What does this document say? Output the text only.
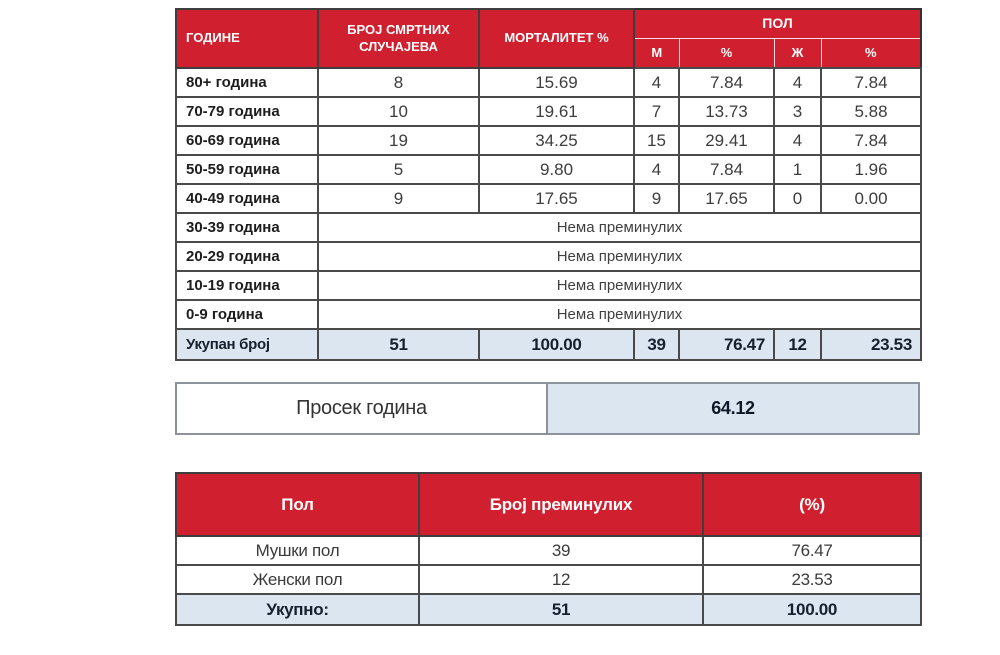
ГОДИНЕ	БРОЈ СМРТНИХ СЛУЧАЈЕВА	МОРТАЛИТЕТ %	ПОЛ			
			М	%	Ж	%
80+ година	8	15.69	4	7.84	4	7.84
70-79 година	10	19.61	7	13.73	3	5.88
60-69 година	19	34.25	15	29.41	4	7.84
50-59 година	5	9.80	4	7.84	1	1.96
40-49 година	9	17.65	9	17.65	0	0.00
30-39 година	Нема преминулих					
20-29 година	Нема преминулих					
10-19 година	Нема преминулих					
0-9 година	Нема преминулих					
Укупан број	51	100.00	39	76.47	12	23.53
Просек година	64.12
Пол	Број преминулих	(%)
Мушки пол	39	76.47
Женски пол	12	23.53
Укупно:	51	100.00
